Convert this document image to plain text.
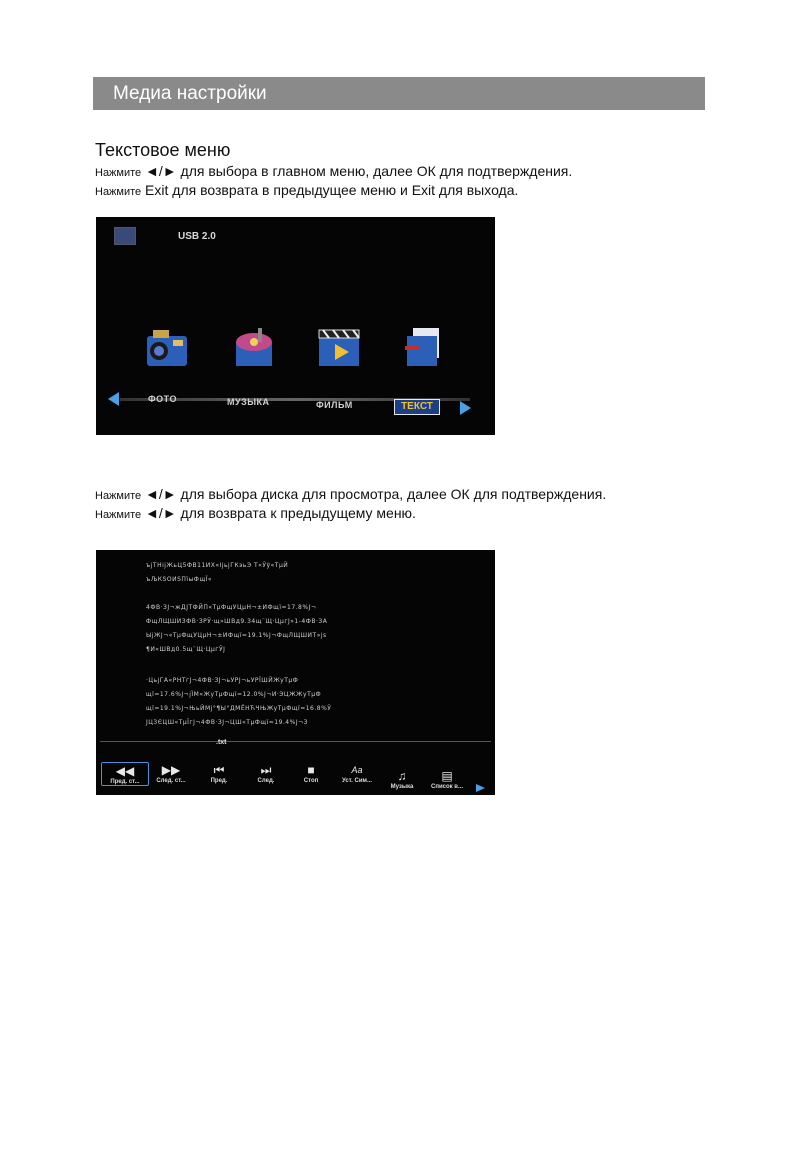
Медиа настройки
Текстовое меню
Нажмите ◄/► для выбора в главном меню, далее ОК для подтверждения.
Нажмите Exit для возврата в предыдущее меню и Exit для выхода.
USB 2.0
ФОТО	МУЗЫКА	ФИЛЬМ	ТЕКСТ
Нажмите ◄/► для выбора диска для просмотра, далее ОК для подтверждения.
Нажмите ◄/► для возврата к предыдущему меню.
ъјТНіјЖьЦ5ФВ11ИХ«ІјьјГКэьЭ Т«Ўў«ТµЙ
ъЉКЅОИЅПїыФщЇ«
4ФВ·ЗЈ¬жДЈТФЙП«ТµФщУЦµН¬±ИФщї=17.8%Ј¬
ФщЛЩШИЗФВ·ЗРЎ·щ»ШВд9.34щ¨Щ·ЦµгЈ»1-4ФВ·ЗА
ЫјЖЈ¬«ТµФщУЦµН¬±ИФщї=19.1%Ј¬ФщЛЩШИТ»јs
¶И«ШВд0.5щ¨Щ·ЦµгЎЈ
·ЦьјГА«РНТгЈ¬4ФВ·ЗЈ¬ьУРЈ¬ьУРЇШЙЖуТµФ
щї=17.6%Ј¬јЇМ«ЖуТµФщї=12.0%Ј¬И·ЭЦЖЖуТµФ
щї=19.1%Ј¬ЊьЙМј°¶Ы°ДМЁНЋЧЊЖуТµФщї=16.8%Ў
ЈЦ3ЄЦШ«ТµЇгЈ¬4ФВ·ЗЈ¬ЦШ«ТµФщї=19.4%Ј¬З
.txt
◀◀
Пред. ст...
▶▶
След. ст...
⏮
Пред.
⏭
След.
■
Стоп
Aa
Уст. Сим...	♫
Музыка
▤
Список в...
